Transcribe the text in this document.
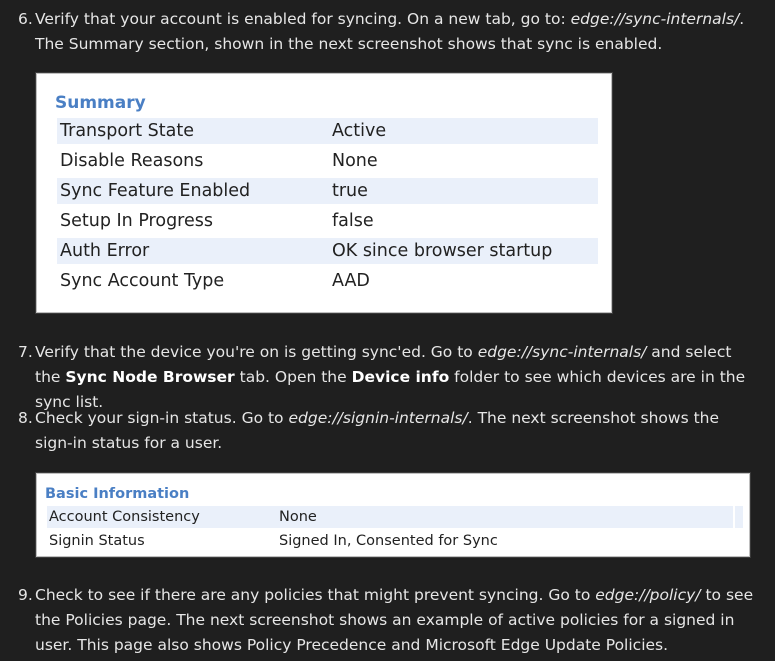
6. Verify that your account is enabled for syncing. On a new tab, go to: edge://sync-internals/. The Summary section, shown in the next screenshot shows that sync is enabled.
Summary
Transport State	Active
Disable Reasons	None
Sync Feature Enabled	true
Setup In Progress	false
Auth Error	OK since browser startup
Sync Account Type	AAD
7. Verify that the device you're on is getting sync'ed. Go to edge://sync-internals/ and select the Sync Node Browser tab. Open the Device info folder to see which devices are in the sync list.
8. Check your sign-in status. Go to edge://signin-internals/. The next screenshot shows the sign-in status for a user.
Basic Information
Account Consistency	None
Signin Status	Signed In, Consented for Sync
9. Check to see if there are any policies that might prevent syncing. Go to edge://policy/ to see the Policies page. The next screenshot shows an example of active policies for a signed in user. This page also shows Policy Precedence and Microsoft Edge Update Policies.
